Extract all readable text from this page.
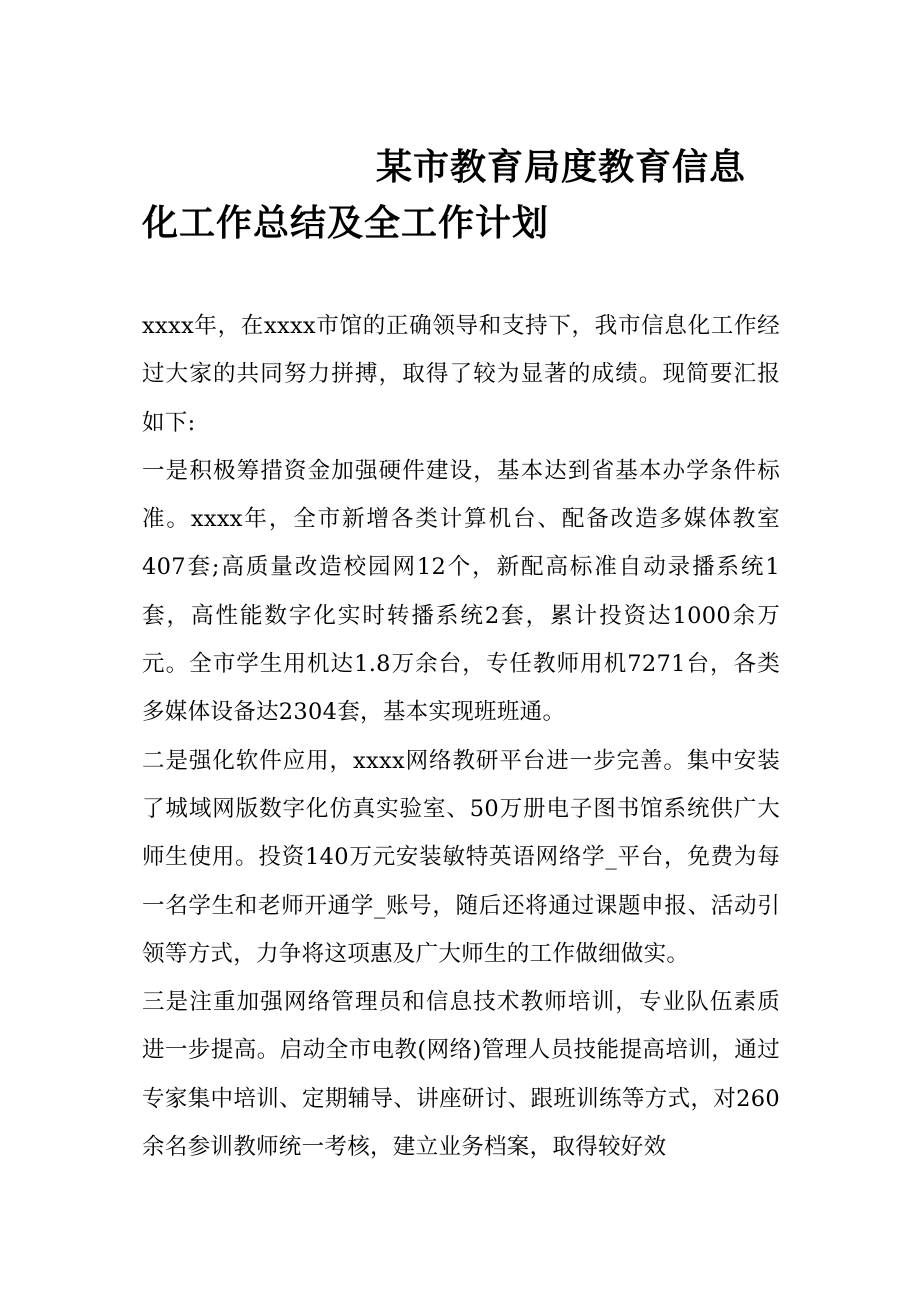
某市教育局度教育信息化工作总结及全工作计划

xxxx年，在xxxx市馆的正确领导和支持下，我市信息化工作经过大家的共同努力拼搏，取得了较为显著的成绩。现简要汇报如下:

一是积极筹措资金加强硬件建设，基本达到省基本办学条件标准。xxxx年，全市新增各类计算机台、配备改造多媒体教室407套;高质量改造校园网12个，新配高标准自动录播系统1套，高性能数字化实时转播系统2套，累计投资达1000余万元。全市学生用机达1.8万余台，专任教师用机7271台，各类多媒体设备达2304套，基本实现班班通。

二是强化软件应用，xxxx网络教研平台进一步完善。集中安装了城域网版数字化仿真实验室、50万册电子图书馆系统供广大师生使用。投资140万元安装敏特英语网络学_平台，免费为每一名学生和老师开通学_账号，随后还将通过课题申报、活动引领等方式，力争将这项惠及广大师生的工作做细做实。

三是注重加强网络管理员和信息技术教师培训，专业队伍素质进一步提高。启动全市电教(网络)管理人员技能提高培训，通过专家集中培训、定期辅导、讲座研讨、跟班训练等方式，对260余名参训教师统一考核，建立业务档案，取得较好效
